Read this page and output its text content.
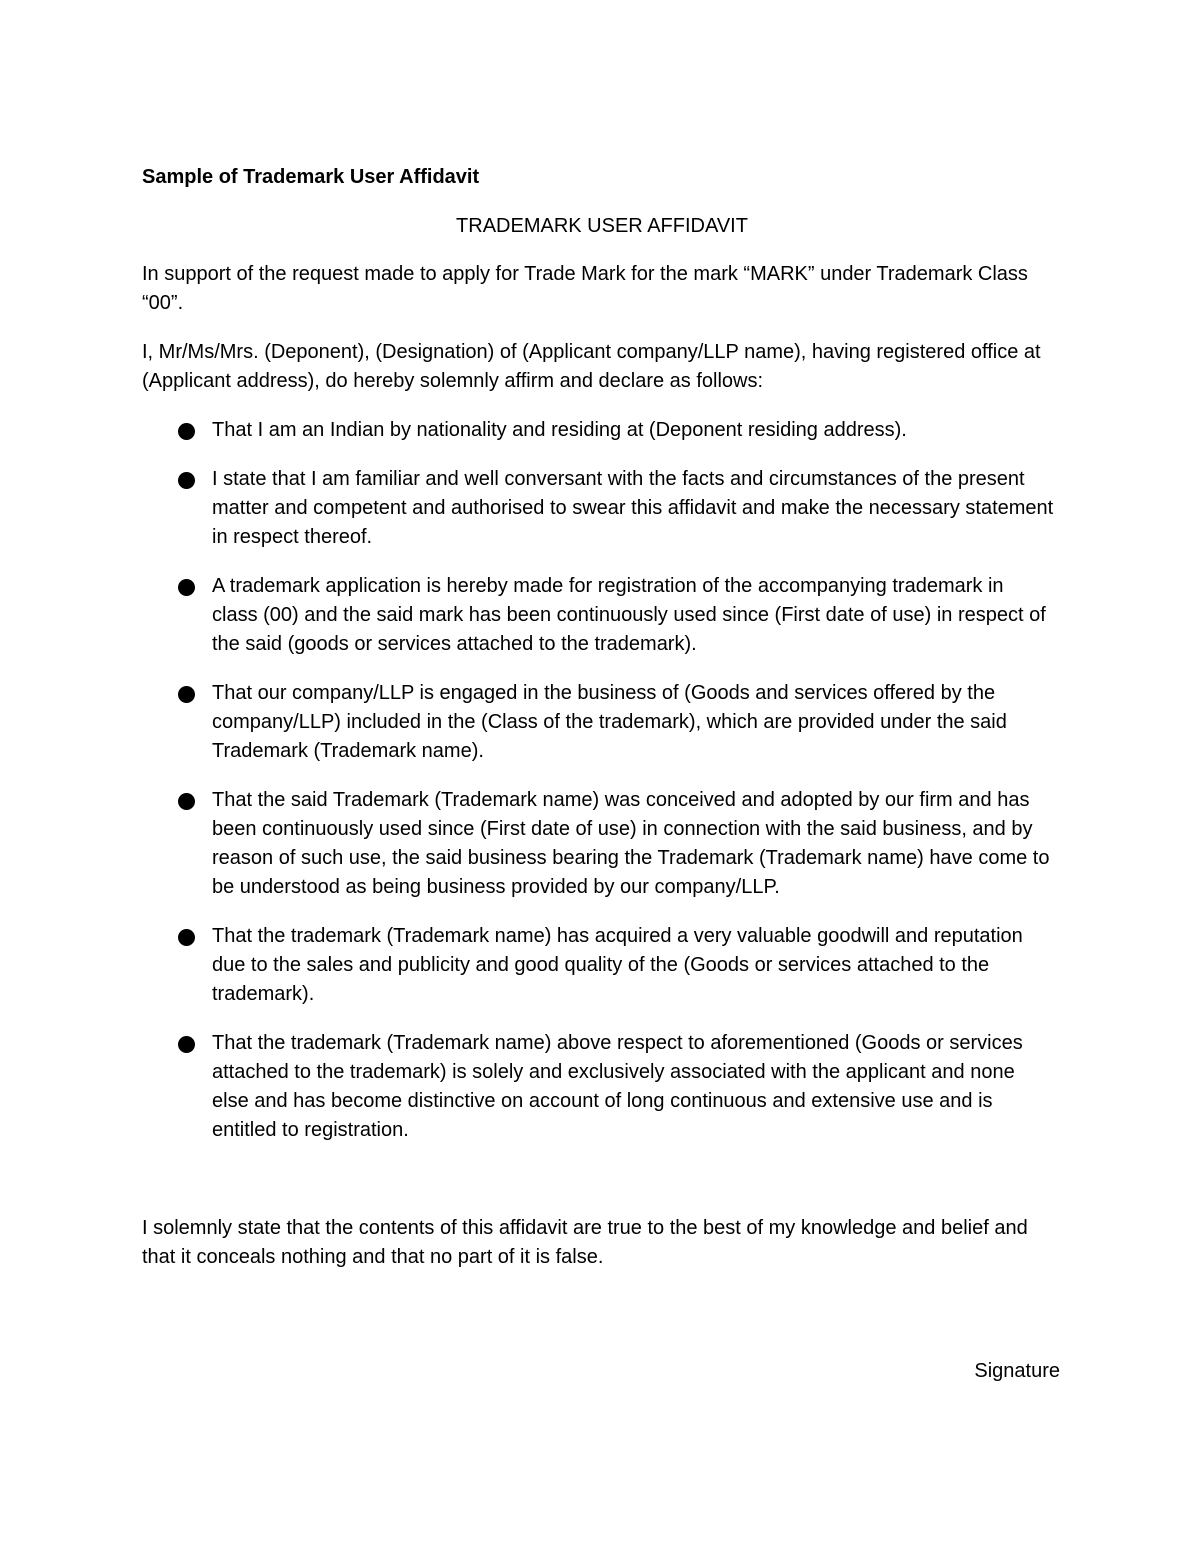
Sample of Trademark User Affidavit
TRADEMARK USER AFFIDAVIT

In support of the request made to apply for Trade Mark for the mark “MARK” under Trademark Class “00”.

I, Mr/Ms/Mrs. (Deponent), (Designation) of (Applicant company/LLP name), having registered office at (Applicant address), do hereby solemnly affirm and declare as follows:

That I am an Indian by nationality and residing at (Deponent residing address).
I state that I am familiar and well conversant with the facts and circumstances of the present matter and competent and authorised to swear this affidavit and make the necessary statement in respect thereof.
A trademark application is hereby made for registration of the accompanying trademark in class (00) and the said mark has been continuously used since (First date of use) in respect of the said (goods or services attached to the trademark).
That our company/LLP is engaged in the business of (Goods and services offered by the company/LLP) included in the (Class of the trademark), which are provided under the said Trademark (Trademark name).
That the said Trademark (Trademark name) was conceived and adopted by our firm and has been continuously used since (First date of use) in connection with the said business, and by reason of such use, the said business bearing the Trademark (Trademark name) have come to be understood as being business provided by our company/LLP.
That the trademark (Trademark name) has acquired a very valuable goodwill and reputation due to the sales and publicity and good quality of the (Goods or services attached to the trademark).
That the trademark (Trademark name) above respect to aforementioned (Goods or services attached to the trademark) is solely and exclusively associated with the applicant and none else and has become distinctive on account of long continuous and extensive use and is entitled to registration.

I solemnly state that the contents of this affidavit are true to the best of my knowledge and belief and that it conceals nothing and that no part of it is false.

Signature
